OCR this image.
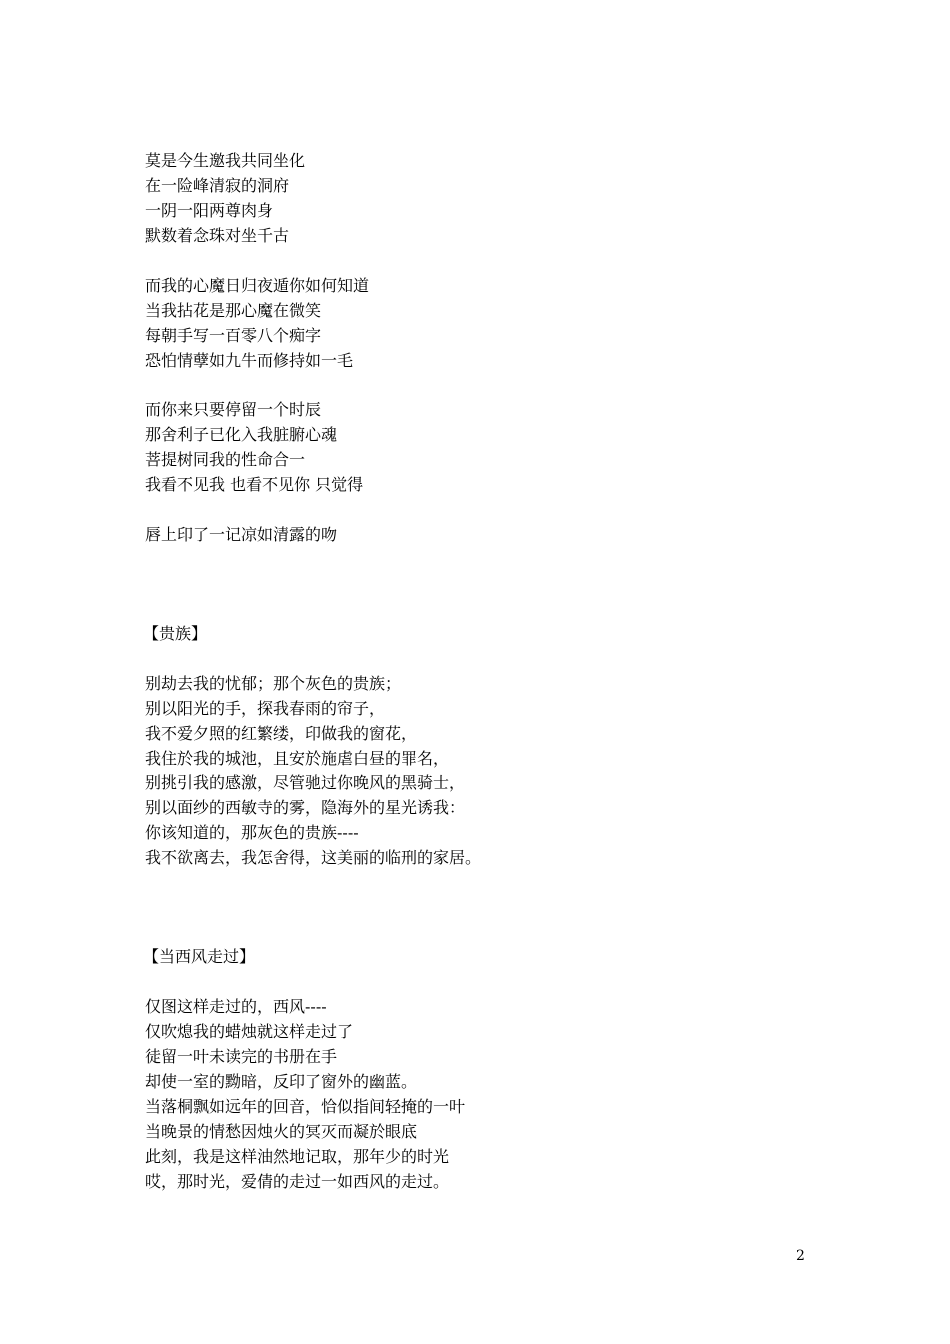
莫是今生邀我共同坐化
在一险峰清寂的洞府
一阴一阳两尊肉身
默数着念珠对坐千古
而我的心魔日归夜遁你如何知道
当我拈花是那心魔在微笑
每朝手写一百零八个痴字
恐怕情孽如九牛而修持如一毛
而你来只要停留一个时辰
那舍利子已化入我脏腑心魂
菩提树同我的性命合一
我看不见我 也看不见你 只觉得
唇上印了一记凉如清露的吻
【贵族】
别劫去我的忧郁；那个灰色的贵族；
别以阳光的手，探我春雨的帘子，
我不爱夕照的红繁缕，印做我的窗花，
我住於我的城池，且安於施虐白昼的罪名，
别挑引我的感激，尽管驰过你晚风的黑骑士，
别以面纱的西敏寺的雾，隐海外的星光诱我：
你该知道的，那灰色的贵族----
我不欲离去，我怎舍得，这美丽的临刑的家居。
【当西风走过】
仅图这样走过的，西风----
仅吹熄我的蜡烛就这样走过了
徒留一叶未读完的书册在手
却使一室的黝暗，反印了窗外的幽蓝。
当落桐飘如远年的回音，恰似指间轻掩的一叶
当晚景的情愁因烛火的冥灭而凝於眼底
此刻，我是这样油然地记取，那年少的时光
哎，那时光，爱倩的走过一如西风的走过。
2
